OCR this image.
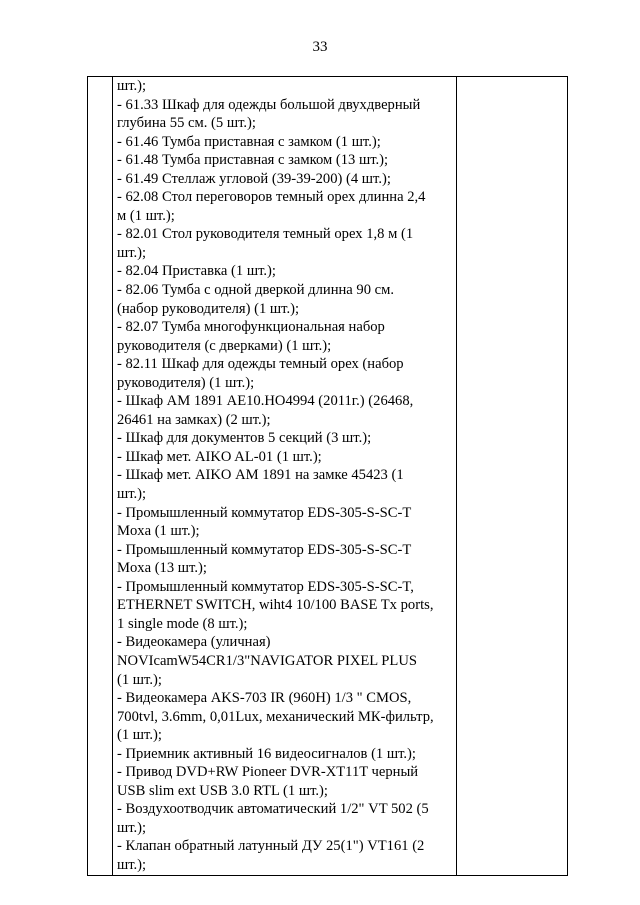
33

шт.);
- 61.33 Шкаф для одежды большой двухдверный
глубина 55 см. (5 шт.);
- 61.46 Тумба приставная с замком (1 шт.);
- 61.48 Тумба приставная с замком (13 шт.);
- 61.49 Стеллаж угловой (39-39-200) (4 шт.);
- 62.08 Стол переговоров темный орех длинна 2,4
м (1 шт.);
- 82.01 Стол руководителя темный орех 1,8 м (1
шт.);
- 82.04 Приставка (1 шт.);
- 82.06 Тумба с одной дверкой длинна 90 см.
(набор руководителя) (1 шт.);
- 82.07 Тумба многофункциональная набор
руководителя (с дверками) (1 шт.);
- 82.11 Шкаф для одежды темный орех (набор
руководителя) (1 шт.);
- Шкаф АМ 1891 АЕ10.НО4994 (2011г.) (26468,
26461 на замках) (2 шт.);
- Шкаф для документов 5 секций (3 шт.);
- Шкаф мет. AIKO AL-01 (1 шт.);
- Шкаф мет. AIKO АМ 1891 на замке 45423 (1
шт.);
- Промышленный коммутатор EDS-305-S-SC-T
Moxa (1 шт.);
- Промышленный коммутатор EDS-305-S-SC-T
Moxa (13 шт.);
- Промышленный коммутатор EDS-305-S-SC-T,
ETHERNET SWITCH, wiht4 10/100 BASE Tx ports,
1 single mode (8 шт.);
- Видеокамера (уличная)
NOVIcamW54CR1/3"NAVIGATOR PIXEL PLUS
(1 шт.);
- Видеокамера AKS-703 IR (960H) 1/3 " CMOS,
700tvl, 3.6mm, 0,01Lux, механический МК-фильтр,
(1 шт.);
- Приемник активный 16 видеосигналов (1 шт.);
- Привод DVD+RW Pioneer DVR-XT11T черный
USB slim ext USB 3.0 RTL (1 шт.);
- Воздухоотводчик автоматический 1/2" VT 502 (5
шт.);
- Клапан обратный латунный ДУ 25(1") VT161 (2
шт.);
